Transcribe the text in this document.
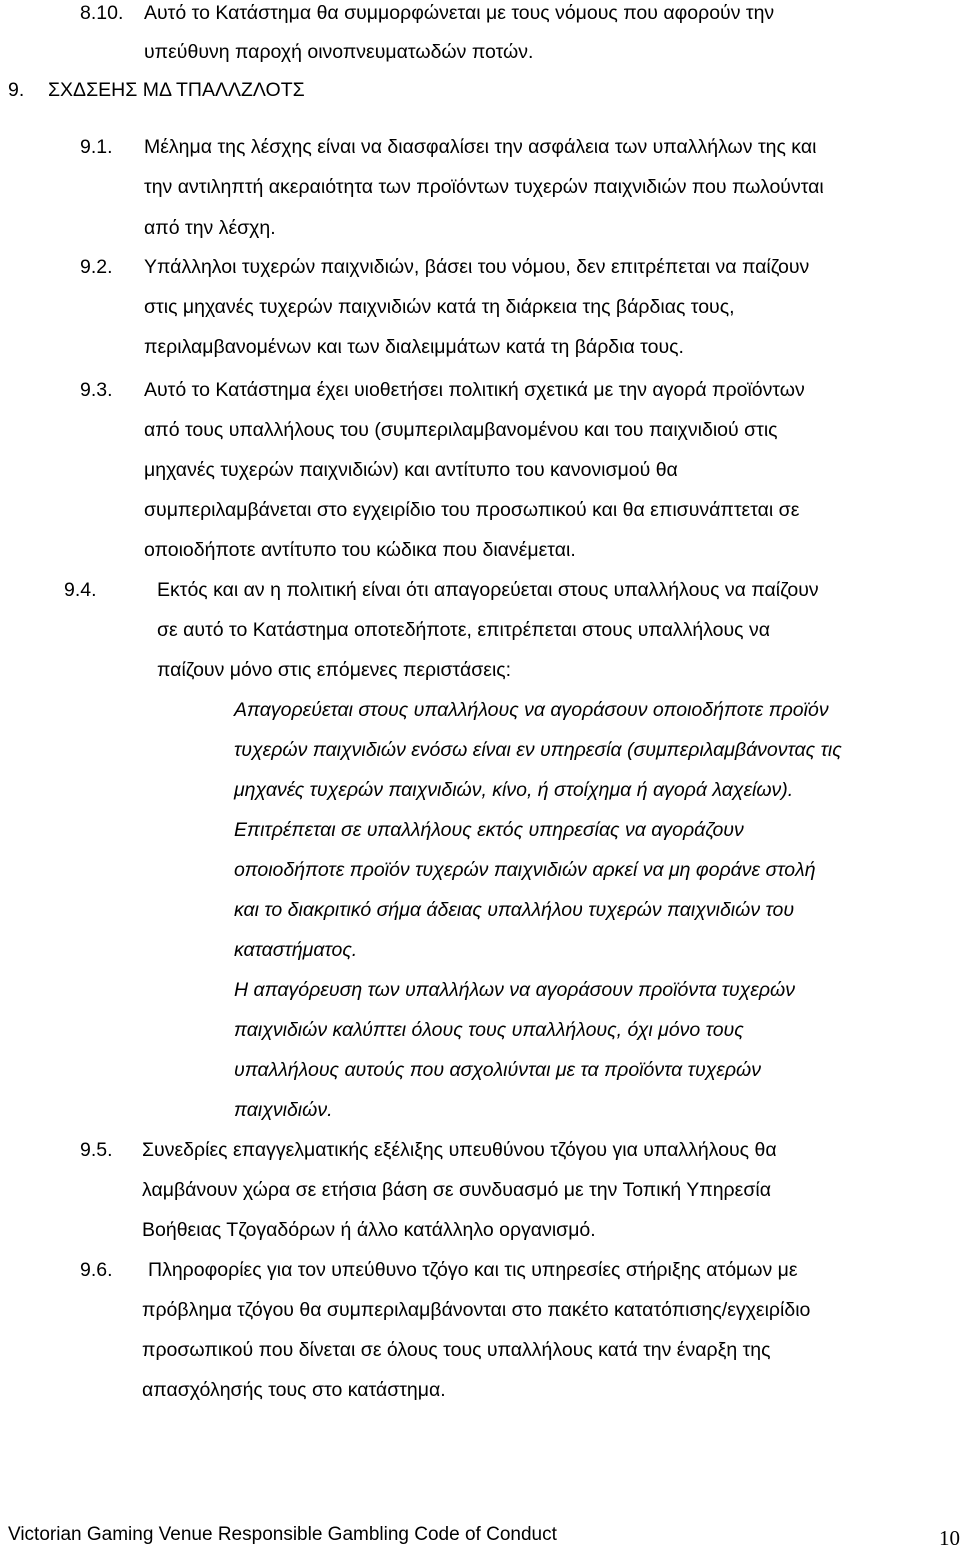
8.10. Αυτό το Κατάστημα θα συμμορφώνεται με τους νόμους που αφορούν την
υπεύθυνη παροχή οινοπνευματωδών ποτών.
9. ΣΧΔΣΕΗΣ ΜΔ ΤΠΑΛΛΖΛΟΤΣ
9.1. Μέλημα της λέσχης είναι να διασφαλίσει την ασφάλεια των υπαλλήλων της και
την αντιληπτή ακεραιότητα των προϊόντων τυχερών παιχνιδιών που πωλούνται
από την λέσχη.
9.2. Υπάλληλοι τυχερών παιχνιδιών, βάσει του νόμου, δεν επιτρέπεται να παίζουν
στις μηχανές τυχερών παιχνιδιών κατά τη διάρκεια της βάρδιας τους,
περιλαμβανομένων και των διαλειμμάτων κατά τη βάρδια τους.
9.3. Αυτό το Κατάστημα έχει υιοθετήσει πολιτική σχετικά με την αγορά προϊόντων
από τους υπαλλήλους του (συμπεριλαμβανομένου και του παιχνιδιού στις
μηχανές τυχερών παιχνιδιών) και αντίτυπο του κανονισμού θα
συμπεριλαμβάνεται στο εγχειρίδιο του προσωπικού και θα επισυνάπτεται σε
οποιοδήποτε αντίτυπο του κώδικα που διανέμεται.
9.4.	Εκτός και αν η πολιτική είναι ότι απαγορεύεται στους υπαλλήλους να παίζουν
σε αυτό το Κατάστημα οποτεδήποτε, επιτρέπεται στους υπαλλήλους να
παίζουν μόνο στις επόμενες περιστάσεις:
Απαγορεύεται στους υπαλλήλους να αγοράσουν οποιοδήποτε προϊόν
τυχερών παιχνιδιών ενόσω είναι εν υπηρεσία (συμπεριλαμβάνοντας τις
μηχανές τυχερών παιχνιδιών, κίνο, ή στοίχημα ή αγορά λαχείων).
Επιτρέπεται σε υπαλλήλους εκτός υπηρεσίας να αγοράζουν
οποιοδήποτε προϊόν τυχερών παιχνιδιών αρκεί να μη φοράνε στολή
και το διακριτικό σήμα άδειας υπαλλήλου τυχερών παιχνιδιών του
καταστήματος.
Η απαγόρευση των υπαλλήλων να αγοράσουν προϊόντα τυχερών
παιχνιδιών καλύπτει όλους τους υπαλλήλους, όχι μόνο τους
υπαλλήλους αυτούς που ασχολιύνται με τα προϊόντα τυχερών
παιχνιδιών.
9.5. Συνεδρίες επαγγελματικής εξέλιξης υπευθύνου τζόγου για υπαλλήλους θα
λαμβάνουν χώρα σε ετήσια βάση σε συνδυασμό με την Τοπική Υπηρεσία
Βοήθειας Τζογαδόρων ή άλλο κατάλληλο οργανισμό.
9.6. Πληροφορίες για τον υπεύθυνο τζόγο και τις υπηρεσίες στήριξης ατόμων με
πρόβλημα τζόγου θα συμπεριλαμβάνονται στο πακέτο κατατόπισης/εγχειρίδιο
προσωπικού που δίνεται σε όλους τους υπαλλήλους κατά την έναρξη της
απασχόλησής τους στο κατάστημα.
Victorian Gaming Venue Responsible Gambling Code of Conduct	10
